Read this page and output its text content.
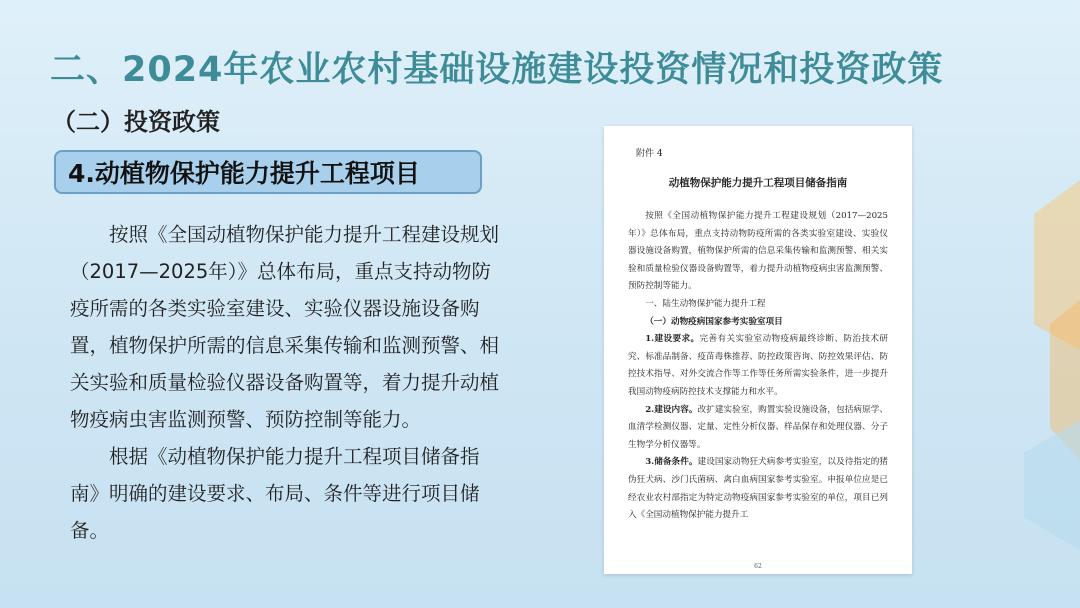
二、2024年农业农村基础设施建设投资情况和投资政策
（二）投资政策
4.动植物保护能力提升工程项目

按照《全国动植物保护能力提升工程建设规划（2017—2025年）》总体布局，重点支持动物防疫所需的各类实验室建设、实验仪器设施设备购置，植物保护所需的信息采集传输和监测预警、相关实验和质量检验仪器设备购置等，着力提升动植物疫病虫害监测预警、预防控制等能力。

根据《动植物保护能力提升工程项目储备指南》明确的建设要求、布局、条件等进行项目储备。

附件 4
动植物保护能力提升工程项目储备指南

按照《全国动植物保护能力提升工程建设规划（2017—2025年）》总体布局，重点支持动物防疫所需的各类实验室建设、实验仪器设施设备购置，植物保护所需的信息采集传输和监测预警、相关实验和质量检验仪器设备购置等，着力提升动植物疫病虫害监测预警、预防控制等能力。

一、陆生动物保护能力提升工程

（一）动物疫病国家参考实验室项目

1.建设要求。完善有关实验室动物疫病最终诊断、防治技术研究、标准品制备、疫苗毒株推荐、防控政策咨询、防控效果评估、防控技术指导、对外交流合作等工作等任务所需实验条件，进一步提升我国动物疫病防控技术支撑能力和水平。

2.建设内容。改扩建实验室，购置实验设施设备，包括病原学、血清学检测仪器、定量、定性分析仪器、样品保存和处理仪器、分子生物学分析仪器等。

3.储备条件。建设国家动物狂犬病参考实验室，以及待指定的猪伪狂犬病、沙门氏菌病、禽白血病国家参考实验室。申报单位应是已经农业农村部指定为特定动物疫病国家参考实验室的单位，项目已列入《全国动植物保护能力提升工

62
